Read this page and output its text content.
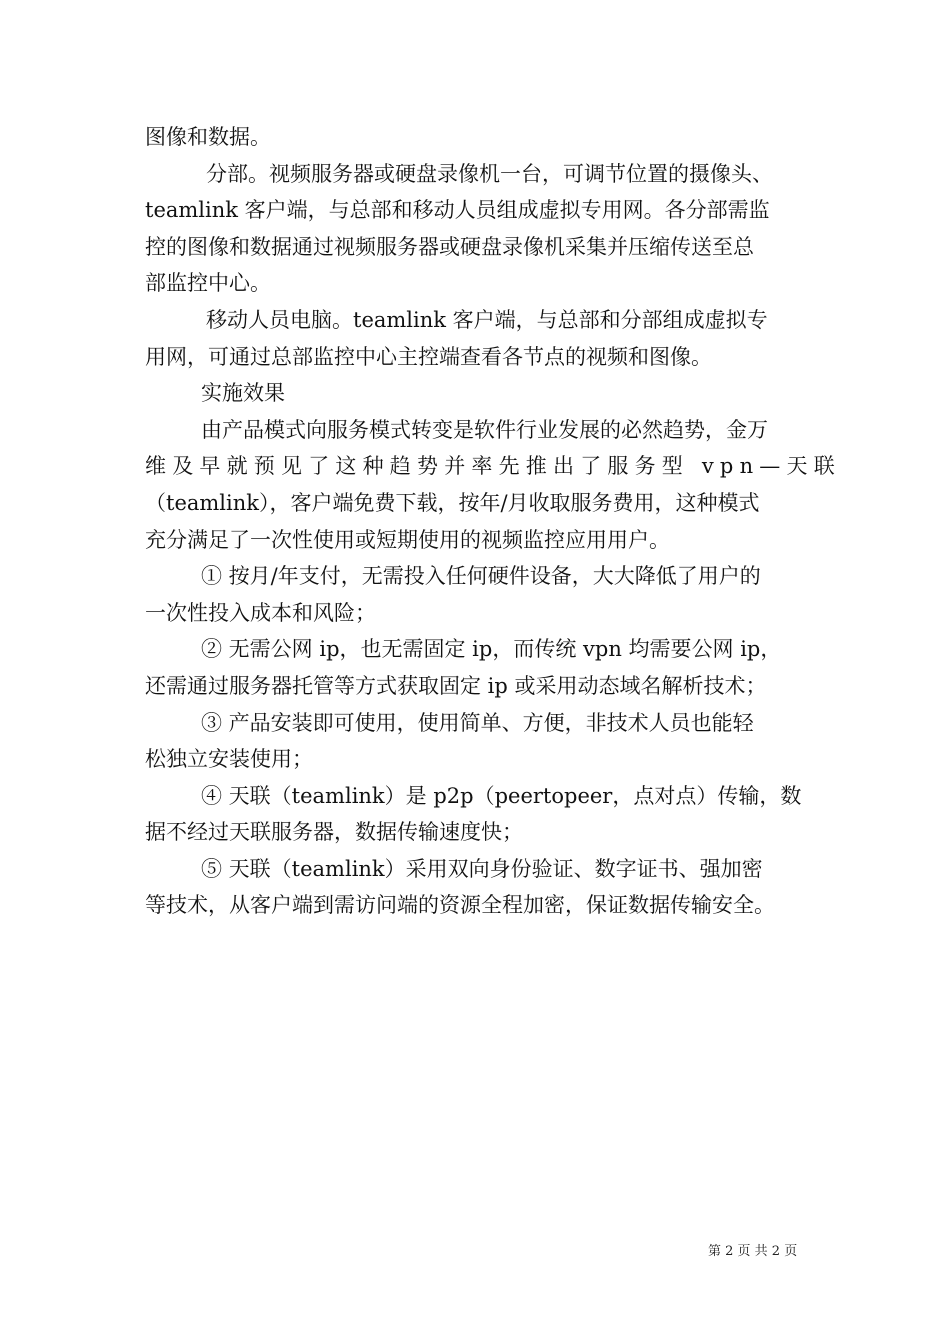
图像和数据。
分部。视频服务器或硬盘录像机一台，可调节位置的摄像头、
teamlink 客户端，与总部和移动人员组成虚拟专用网。各分部需监
控的图像和数据通过视频服务器或硬盘录像机采集并压缩传送至总
部监控中心。
移动人员电脑。teamlink 客户端，与总部和分部组成虚拟专
用网，可通过总部监控中心主控端查看各节点的视频和图像。
实施效果
由产品模式向服务模式转变是软件行业发展的必然趋势，金万
维及早就预见了这种趋势并率先推出了服务型 vpn—天联
（teamlink），客户端免费下载，按年/月收取服务费用，这种模式
充分满足了一次性使用或短期使用的视频监控应用用户。
① 按月/年支付，无需投入任何硬件设备，大大降低了用户的
一次性投入成本和风险；
② 无需公网 ip，也无需固定 ip，而传统 vpn 均需要公网 ip，
还需通过服务器托管等方式获取固定 ip 或采用动态域名解析技术；
③ 产品安装即可使用，使用简单、方便，非技术人员也能轻
松独立安装使用；
④ 天联（teamlink）是 p2p（peertopeer，点对点）传输，数
据不经过天联服务器，数据传输速度快；
⑤ 天联（teamlink）采用双向身份验证、数字证书、强加密
等技术，从客户端到需访问端的资源全程加密，保证数据传输安全。
第 2 页 共 2 页
